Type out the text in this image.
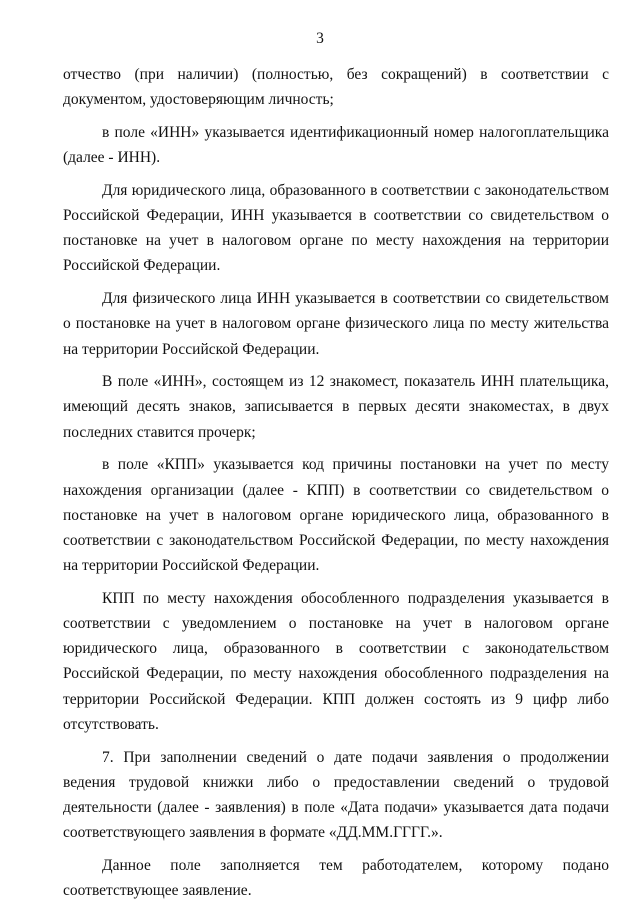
3

отчество (при наличии) (полностью, без сокращений) в соответствии с документом, удостоверяющим личность;

в поле «ИНН» указывается идентификационный номер налогоплательщика (далее - ИНН).

Для юридического лица, образованного в соответствии с законодательством Российской Федерации, ИНН указывается в соответствии со свидетельством о постановке на учет в налоговом органе по месту нахождения на территории Российской Федерации.

Для физического лица ИНН указывается в соответствии со свидетельством о постановке на учет в налоговом органе физического лица по месту жительства на территории Российской Федерации.

В поле «ИНН», состоящем из 12 знакомест, показатель ИНН плательщика, имеющий десять знаков, записывается в первых десяти знакоместах, в двух последних ставится прочерк;

в поле «КПП» указывается код причины постановки на учет по месту нахождения организации (далее - КПП) в соответствии со свидетельством о постановке на учет в налоговом органе юридического лица, образованного в соответствии с законодательством Российской Федерации, по месту нахождения на территории Российской Федерации.

КПП по месту нахождения обособленного подразделения указывается в соответствии с уведомлением о постановке на учет в налоговом органе юридического лица, образованного в соответствии с законодательством Российской Федерации, по месту нахождения обособленного подразделения на территории Российской Федерации. КПП должен состоять из 9 цифр либо отсутствовать.

7. При заполнении сведений о дате подачи заявления о продолжении ведения трудовой книжки либо о предоставлении сведений о трудовой деятельности (далее - заявления) в поле «Дата подачи» указывается дата подачи соответствующего заявления в формате «ДД.ММ.ГГГГ.».

Данное поле заполняется тем работодателем, которому подано соответствующее заявление.
